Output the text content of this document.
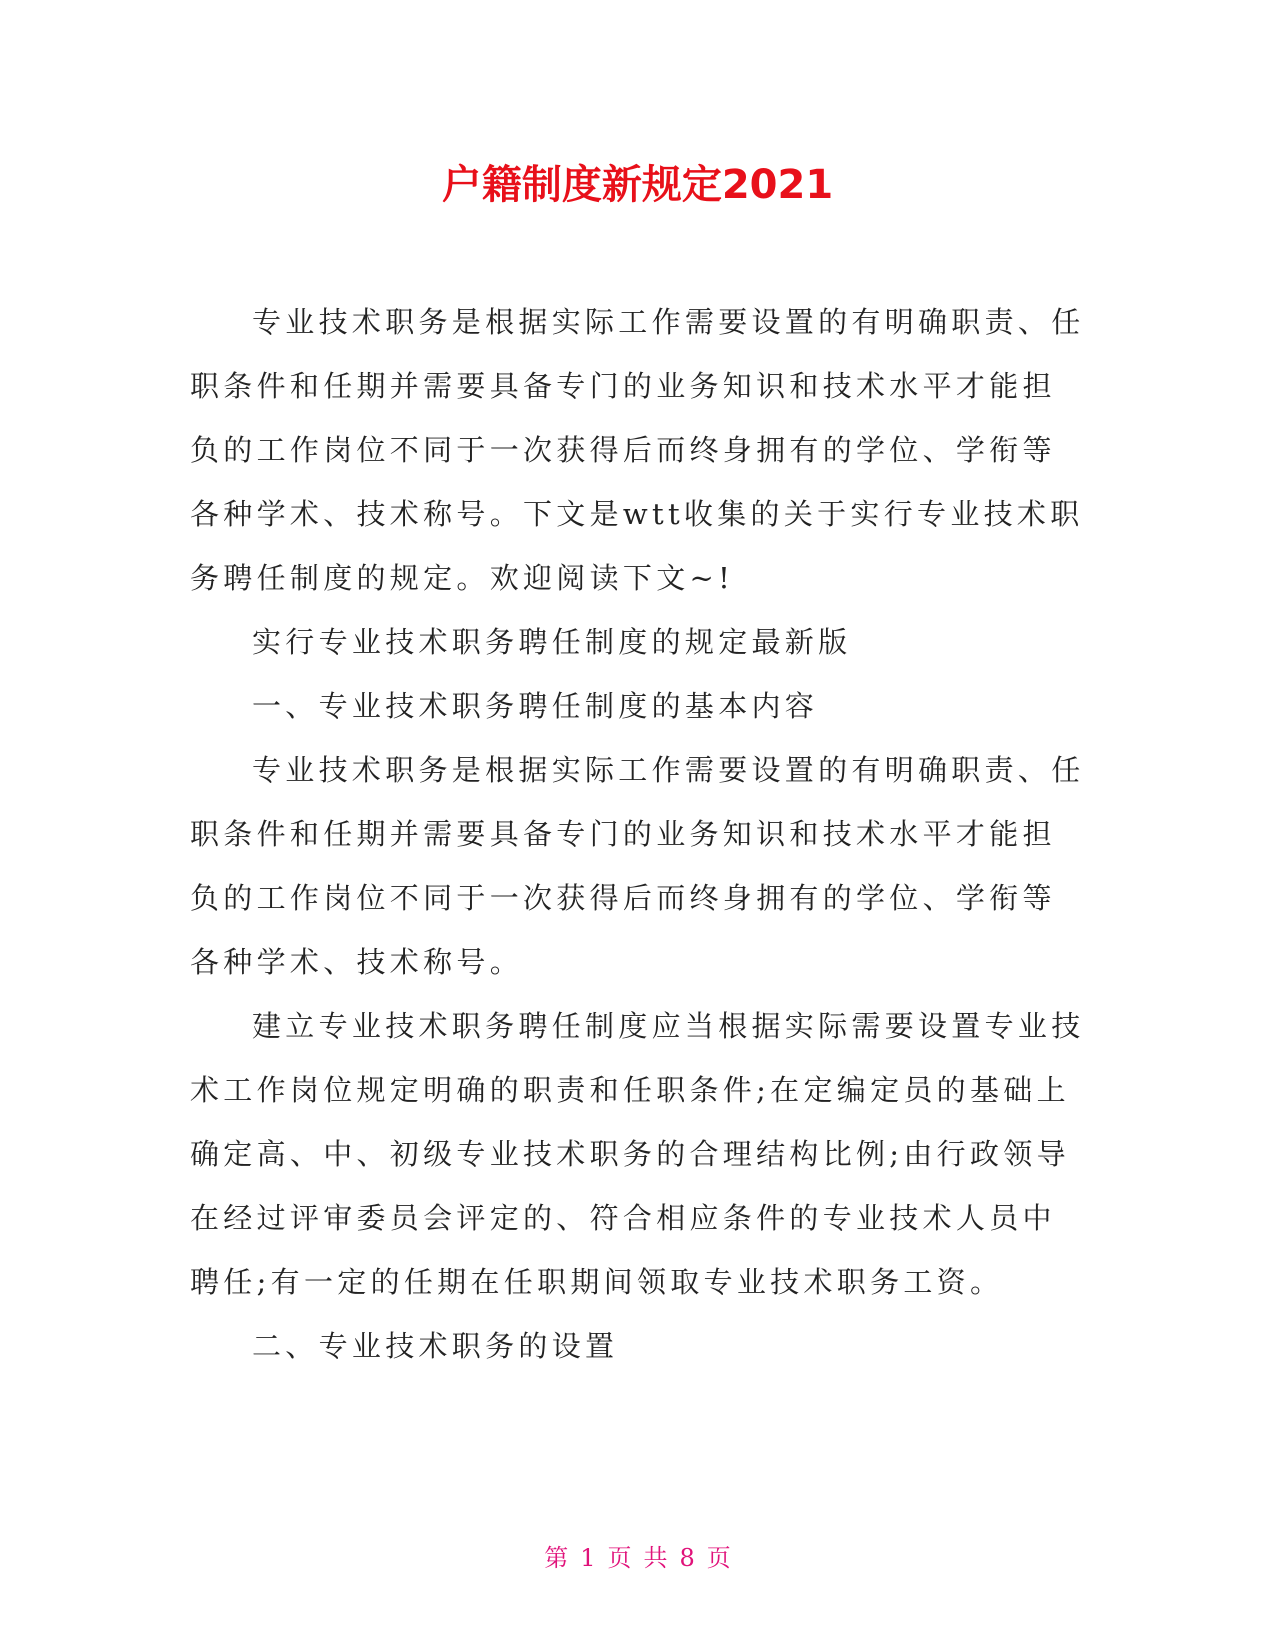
户籍制度新规定2021

专业技术职务是根据实际工作需要设置的有明确职责、任职条件和任期并需要具备专门的业务知识和技术水平才能担负的工作岗位不同于一次获得后而终身拥有的学位、学衔等各种学术、技术称号。下文是wtt收集的关于实行专业技术职务聘任制度的规定。欢迎阅读下文~!

实行专业技术职务聘任制度的规定最新版

一、专业技术职务聘任制度的基本内容

专业技术职务是根据实际工作需要设置的有明确职责、任职条件和任期并需要具备专门的业务知识和技术水平才能担负的工作岗位不同于一次获得后而终身拥有的学位、学衔等各种学术、技术称号。

建立专业技术职务聘任制度应当根据实际需要设置专业技术工作岗位规定明确的职责和任职条件;在定编定员的基础上确定高、中、初级专业技术职务的合理结构比例;由行政领导在经过评审委员会评定的、符合相应条件的专业技术人员中聘任;有一定的任期在任职期间领取专业技术职务工资。

二、专业技术职务的设置

第 1 页 共 8 页
